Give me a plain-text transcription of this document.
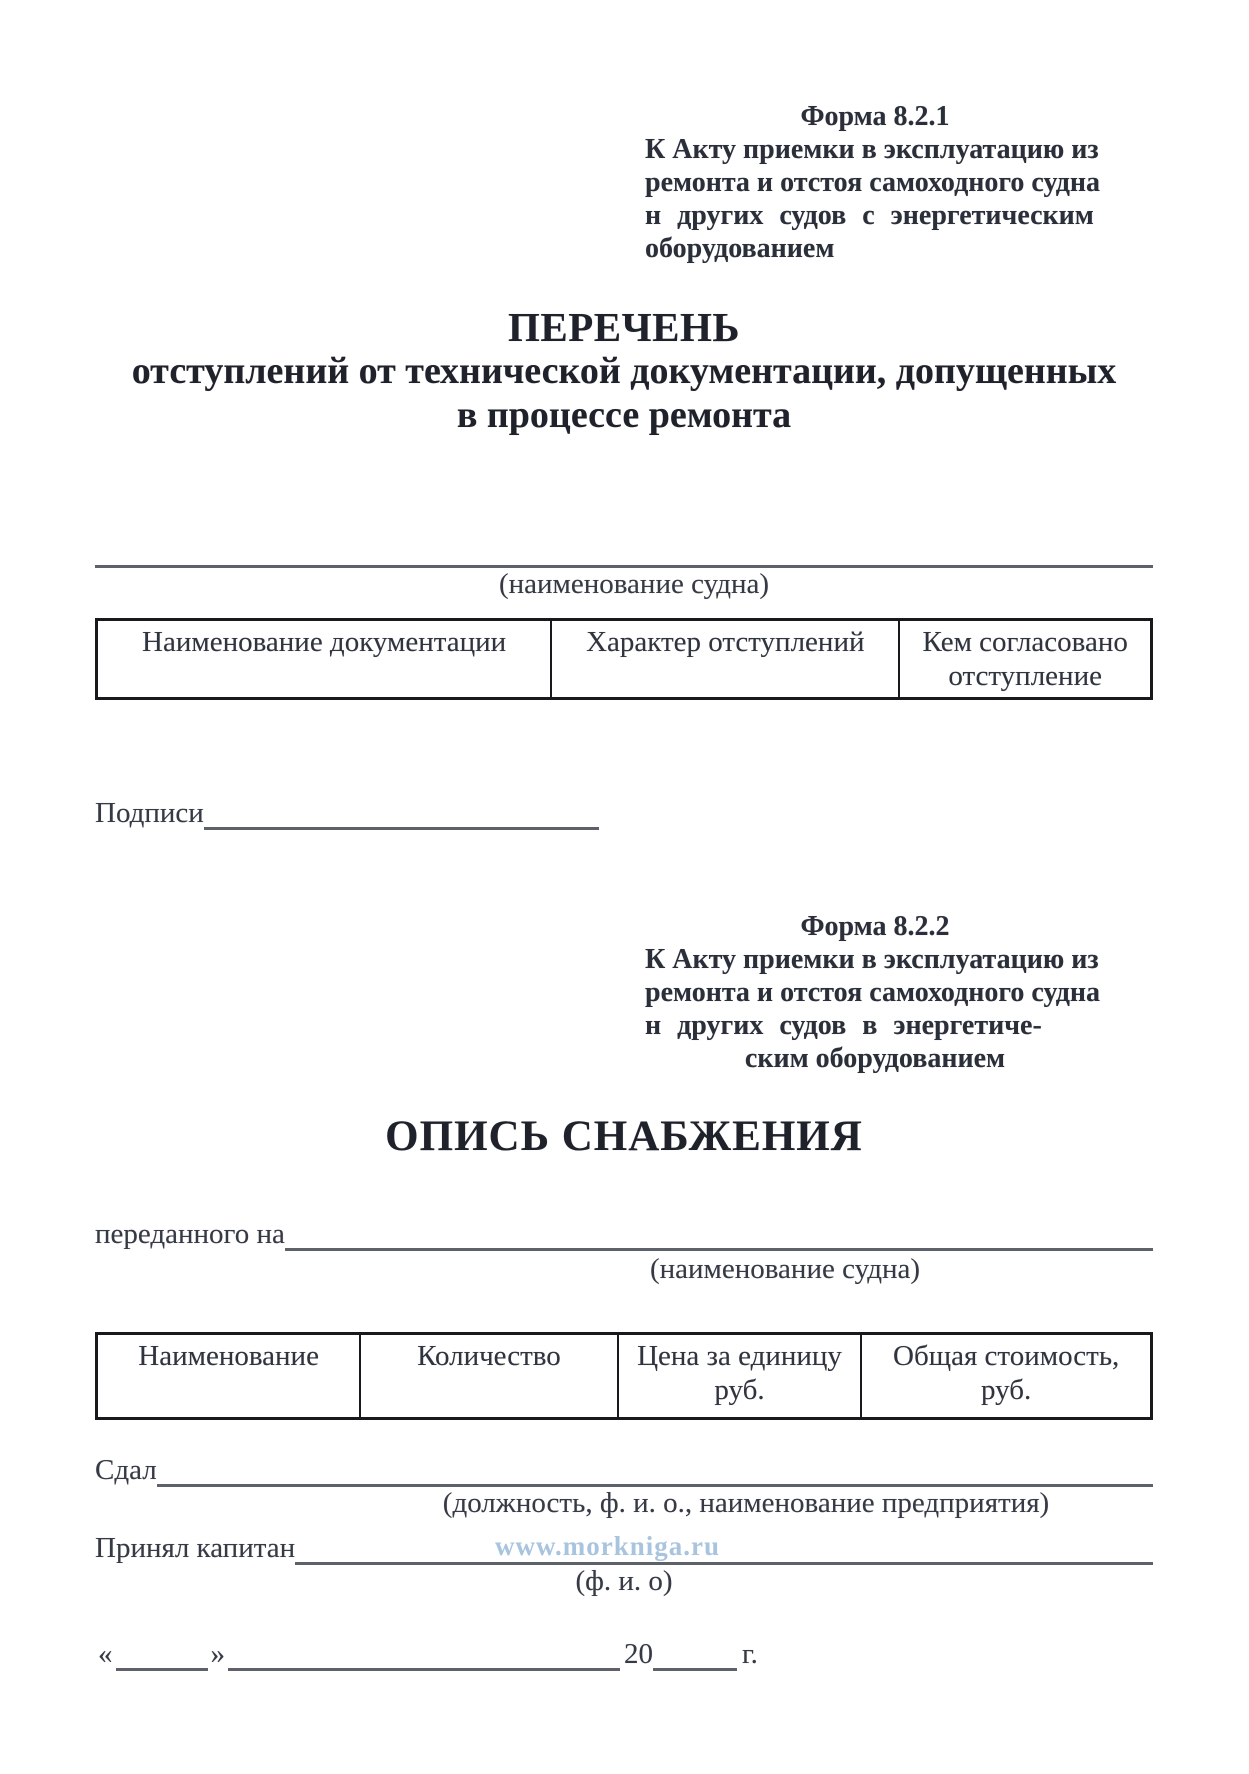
Форма 8.2.1
К Акту приемки в эксплуатацию из
ремонта и отстоя самоходного судна
н других судов с энергетическим
оборудованием
ПЕРЕЧЕНЬ
отступлений от технической документации, допущенных
в процессе ремонта
(наименование судна)
Наименование документации	Характер отступлений	Кем согласовано отступление
Подписи
Форма 8.2.2
К Акту приемки в эксплуатацию из
ремонта и отстоя самоходного судна
н других судов в энергетиче-
ским оборудованием
ОПИСЬ СНАБЖЕНИЯ
переданного на
(наименование судна)
Наименование	Количество	Цена за единицу руб.	Общая стоимость, руб.
Сдал
(должность, ф. и. о., наименование предприятия)
Принял капитан	www.morkniga.ru
(ф. и. о)
«	»	20	г.
